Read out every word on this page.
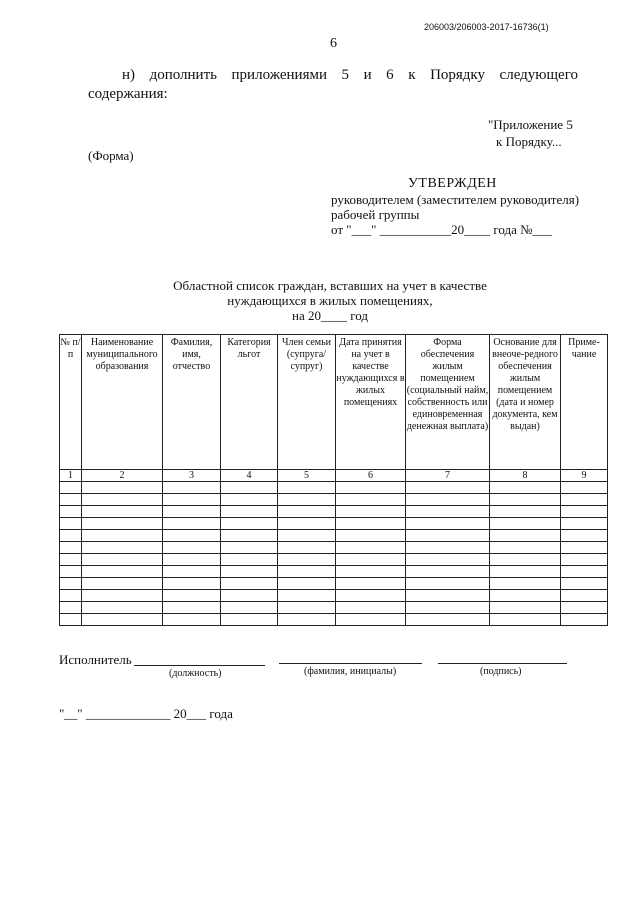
206003/206003-2017-16736(1)
6
н) дополнить приложениями 5 и 6 к Порядку следующего
содержания:
"Приложение 5
к Порядку...
(Форма)
УТВЕРЖДЕН
руководителем (заместителем руководителя)
рабочей группы
от "___" ___________20____ года №___
Областной список граждан, вставших на учет в качестве
нуждающихся в жилых помещениях,
на 20____ год
№ п/п	Наименование муниципального образования	Фамилия, имя, отчество	Категория льгот	Член семьи (супруга/ супруг)	Дата принятия на учет в качестве нуждающихся в жилых помещениях	Форма обеспечения жилым помещением (социальный найм, собственность или единовременная денежная выплата)	Основание для внеоче-редного обеспечения жилым помещением (дата и номер документа, кем выдан)	Приме-чание
1	2	3	4	5	6	7	8	9

Исполнитель
(должность)	(фамилия, инициалы)	(подпись)
"__" _____________ 20___ года
